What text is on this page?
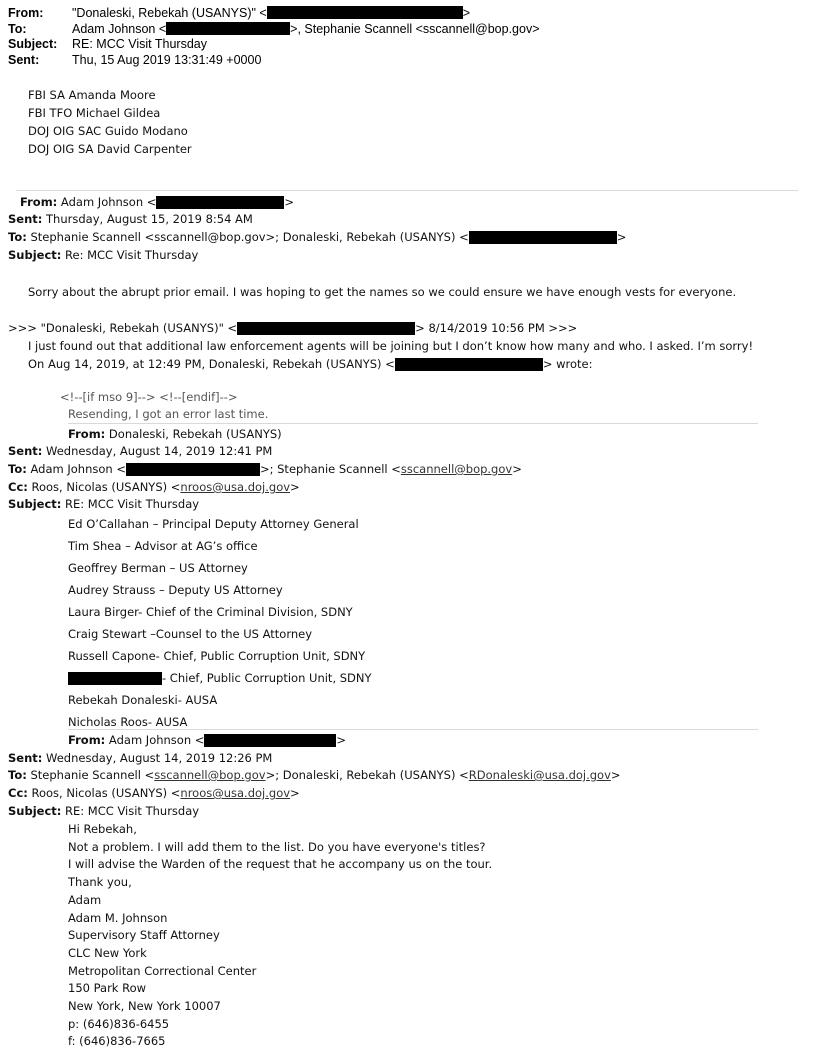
From:	"Donaleski, Rebekah (USANYS)" <	>
To:	Adam Johnson <	>, Stephanie Scannell <sscannell@bop.gov>
Subject:	RE: MCC Visit Thursday
Sent:	Thu, 15 Aug 2019 13:31:49 +0000
FBI SA Amanda Moore
FBI TFO Michael Gildea
DOJ OIG SAC Guido Modano
DOJ OIG SA David Carpenter
From: Adam Johnson <	>
Sent: Thursday, August 15, 2019 8:54 AM
To: Stephanie Scannell <sscannell@bop.gov>; Donaleski, Rebekah (USANYS) <	>
Subject: Re: MCC Visit Thursday
Sorry about the abrupt prior email. I was hoping to get the names so we could ensure we have enough vests for everyone.
>>> "Donaleski, Rebekah (USANYS)" <	> 8/14/2019 10:56 PM >>>
I just found out that additional law enforcement agents will be joining but I don’t know how many and who. I asked. I’m sorry!
On Aug 14, 2019, at 12:49 PM, Donaleski, Rebekah (USANYS) <	> wrote:
<!--[if mso 9]--> <!--[endif]-->
Resending, I got an error last time.
From: Donaleski, Rebekah (USANYS)
Sent: Wednesday, August 14, 2019 12:41 PM
To: Adam Johnson <	>; Stephanie Scannell <sscannell@bop.gov>
Cc: Roos, Nicolas (USANYS) <nroos@usa.doj.gov>
Subject: RE: MCC Visit Thursday
Ed O’Callahan – Principal Deputy Attorney General
Tim Shea – Advisor at AG’s office
Geoffrey Berman – US Attorney
Audrey Strauss – Deputy US Attorney
Laura Birger- Chief of the Criminal Division, SDNY
Craig Stewart –Counsel to the US Attorney
Russell Capone- Chief, Public Corruption Unit, SDNY
- Chief, Public Corruption Unit, SDNY
Rebekah Donaleski- AUSA
Nicholas Roos- AUSA
From: Adam Johnson <	>
Sent: Wednesday, August 14, 2019 12:26 PM
To: Stephanie Scannell <sscannell@bop.gov>; Donaleski, Rebekah (USANYS) <RDonaleski@usa.doj.gov>
Cc: Roos, Nicolas (USANYS) <nroos@usa.doj.gov>
Subject: RE: MCC Visit Thursday
Hi Rebekah,
Not a problem. I will add them to the list. Do you have everyone's titles?
I will advise the Warden of the request that he accompany us on the tour.
Thank you,
Adam
Adam M. Johnson
Supervisory Staff Attorney
CLC New York
Metropolitan Correctional Center
150 Park Row
New York, New York 10007
p: (646)836-6455
f: (646)836-7665
